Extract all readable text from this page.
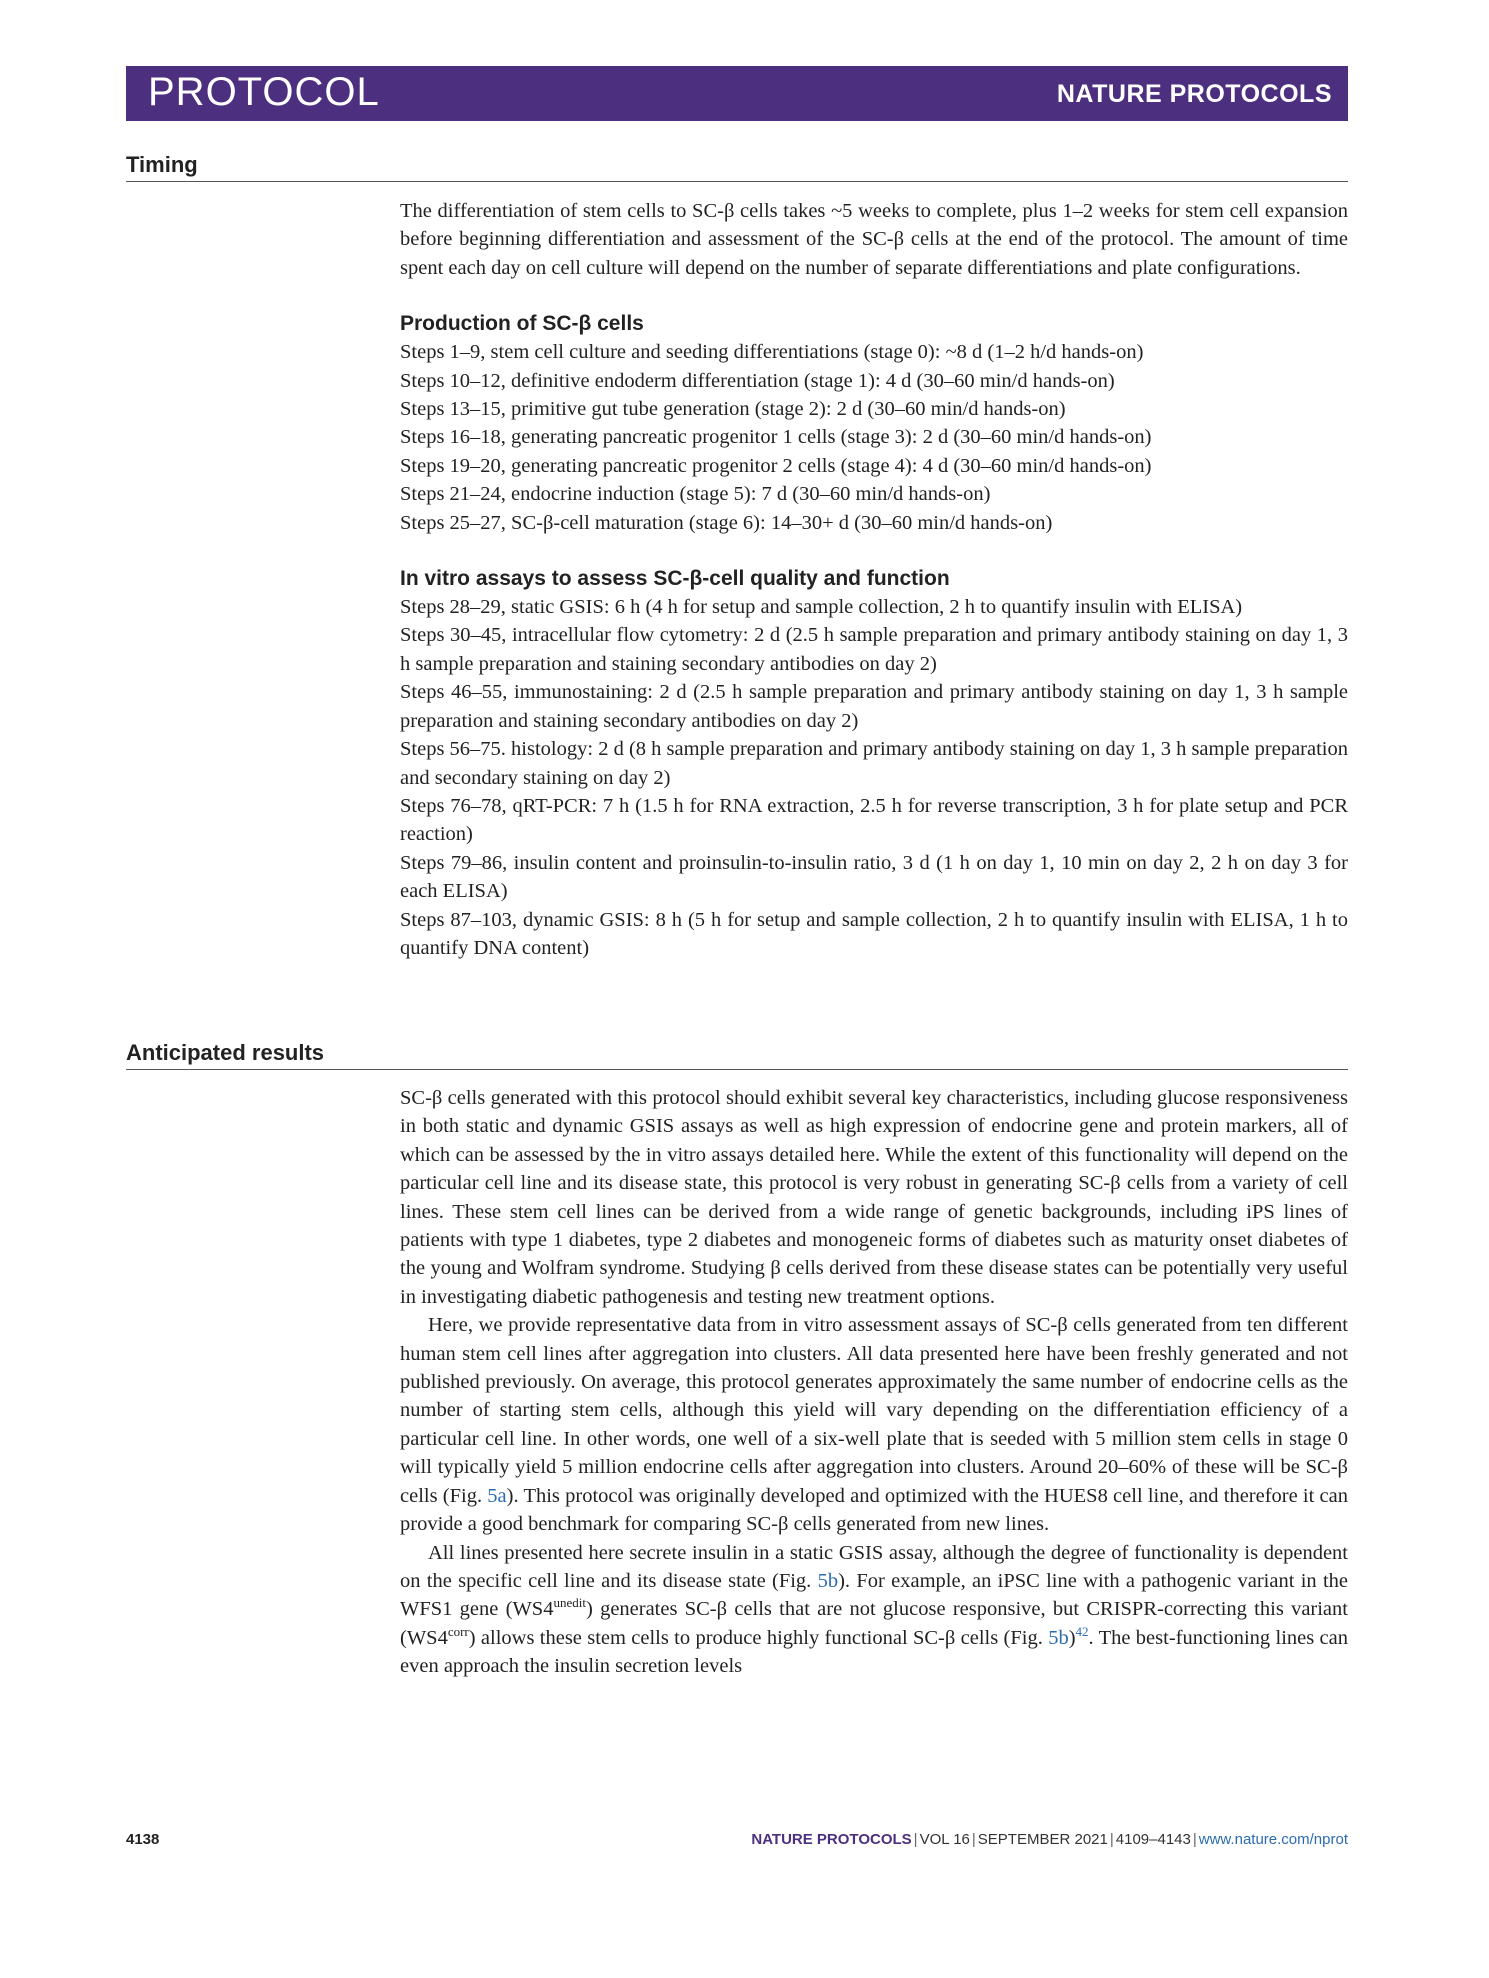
PROTOCOL	NATURE PROTOCOLS
Timing

The differentiation of stem cells to SC-β cells takes ~5 weeks to complete, plus 1–2 weeks for stem cell expansion before beginning differentiation and assessment of the SC-β cells at the end of the protocol. The amount of time spent each day on cell culture will depend on the number of separate differentiations and plate configurations.

Production of SC-β cells

Steps 1–9, stem cell culture and seeding differentiations (stage 0): ~8 d (1–2 h/d hands-on)

Steps 10–12, definitive endoderm differentiation (stage 1): 4 d (30–60 min/d hands-on)

Steps 13–15, primitive gut tube generation (stage 2): 2 d (30–60 min/d hands-on)

Steps 16–18, generating pancreatic progenitor 1 cells (stage 3): 2 d (30–60 min/d hands-on)

Steps 19–20, generating pancreatic progenitor 2 cells (stage 4): 4 d (30–60 min/d hands-on)

Steps 21–24, endocrine induction (stage 5): 7 d (30–60 min/d hands-on)

Steps 25–27, SC-β-cell maturation (stage 6): 14–30+ d (30–60 min/d hands-on)

In vitro assays to assess SC-β-cell quality and function

Steps 28–29, static GSIS: 6 h (4 h for setup and sample collection, 2 h to quantify insulin with ELISA)

Steps 30–45, intracellular flow cytometry: 2 d (2.5 h sample preparation and primary antibody staining on day 1, 3 h sample preparation and staining secondary antibodies on day 2)

Steps 46–55, immunostaining: 2 d (2.5 h sample preparation and primary antibody staining on day 1, 3 h sample preparation and staining secondary antibodies on day 2)

Steps 56–75. histology: 2 d (8 h sample preparation and primary antibody staining on day 1, 3 h sample preparation and secondary staining on day 2)

Steps 76–78, qRT-PCR: 7 h (1.5 h for RNA extraction, 2.5 h for reverse transcription, 3 h for plate setup and PCR reaction)

Steps 79–86, insulin content and proinsulin-to-insulin ratio, 3 d (1 h on day 1, 10 min on day 2, 2 h on day 3 for each ELISA)

Steps 87–103, dynamic GSIS: 8 h (5 h for setup and sample collection, 2 h to quantify insulin with ELISA, 1 h to quantify DNA content)

Anticipated results

SC-β cells generated with this protocol should exhibit several key characteristics, including glucose responsiveness in both static and dynamic GSIS assays as well as high expression of endocrine gene and protein markers, all of which can be assessed by the in vitro assays detailed here. While the extent of this functionality will depend on the particular cell line and its disease state, this protocol is very robust in generating SC-β cells from a variety of cell lines. These stem cell lines can be derived from a wide range of genetic backgrounds, including iPS lines of patients with type 1 diabetes, type 2 diabetes and monogeneic forms of diabetes such as maturity onset diabetes of the young and Wolfram syndrome. Studying β cells derived from these disease states can be potentially very useful in investigating diabetic pathogenesis and testing new treatment options.

Here, we provide representative data from in vitro assessment assays of SC-β cells generated from ten different human stem cell lines after aggregation into clusters. All data presented here have been freshly generated and not published previously. On average, this protocol generates approximately the same number of endocrine cells as the number of starting stem cells, although this yield will vary depending on the differentiation efficiency of a particular cell line. In other words, one well of a six-well plate that is seeded with 5 million stem cells in stage 0 will typically yield 5 million endocrine cells after aggregation into clusters. Around 20–60% of these will be SC-β cells (Fig. 5a). This protocol was originally developed and optimized with the HUES8 cell line, and therefore it can provide a good benchmark for comparing SC-β cells generated from new lines.

All lines presented here secrete insulin in a static GSIS assay, although the degree of functionality is dependent on the specific cell line and its disease state (Fig. 5b). For example, an iPSC line with a pathogenic variant in the WFS1 gene $(WS4^{unedit})$ generates SC-β cells that are not glucose responsive, but CRISPR-correcting this variant $(WS4^{corr})$ allows these stem cells to produce highly functional SC-β cells (Fig. 5b)$^{42}$. The best-functioning lines can even approach the insulin secretion levels

4138	NATURE PROTOCOLS | VOL 16 | SEPTEMBER 2021 | 4109–4143 | www.nature.com/nprot
